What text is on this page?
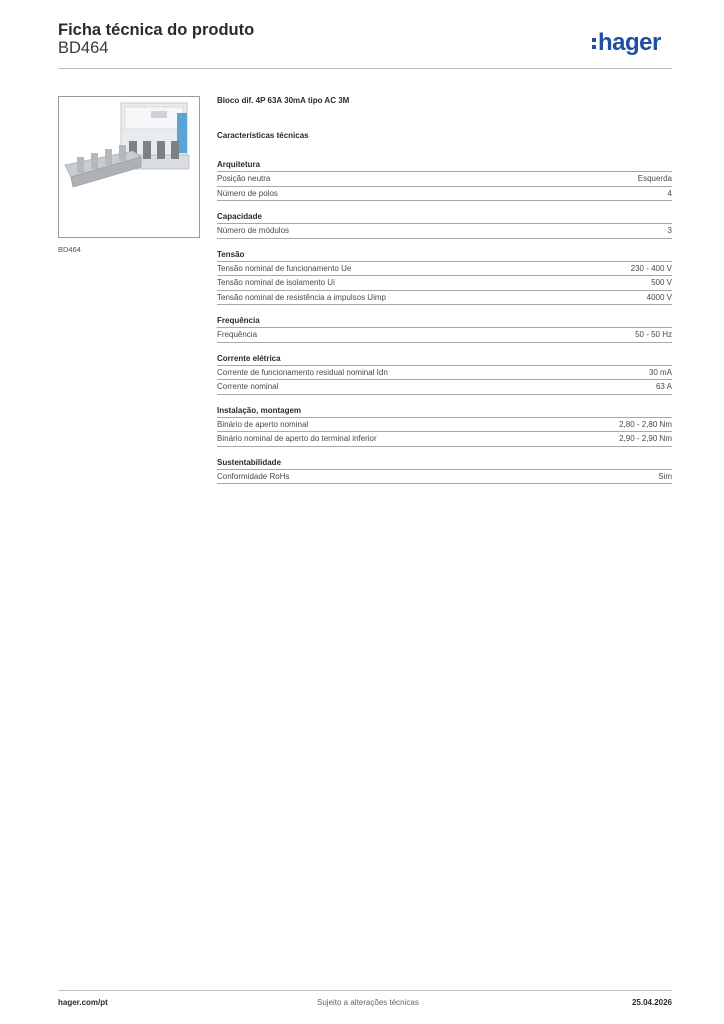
Ficha técnica do produto
BD464	hager
BD464
Bloco dif. 4P 63A 30mA tipo AC 3M
Características técnicas
Arquitetura
Posição neutra	Esquerda
Número de polos	4
Capacidade
Número de módulos	3
Tensão
Tensão nominal de funcionamento Ue	230 - 400 V
Tensão nominal de isolamento Ui	500 V
Tensão nominal de resistência a impulsos Uimp	4000 V
Frequência
Frequência	50 - 50 Hz
Corrente elétrica
Corrente de funcionamento residual nominal Idn	30 mA
Corrente nominal	63 A
Instalação, montagem
Binário de aperto nominal	2,80 - 2,80 Nm
Binário nominal de aperto do terminal inferior	2,90 - 2,90 Nm
Sustentabilidade
Conformidade RoHs	Sim
hager.com/pt	Sujeito a alterações técnicas	25.04.2026
